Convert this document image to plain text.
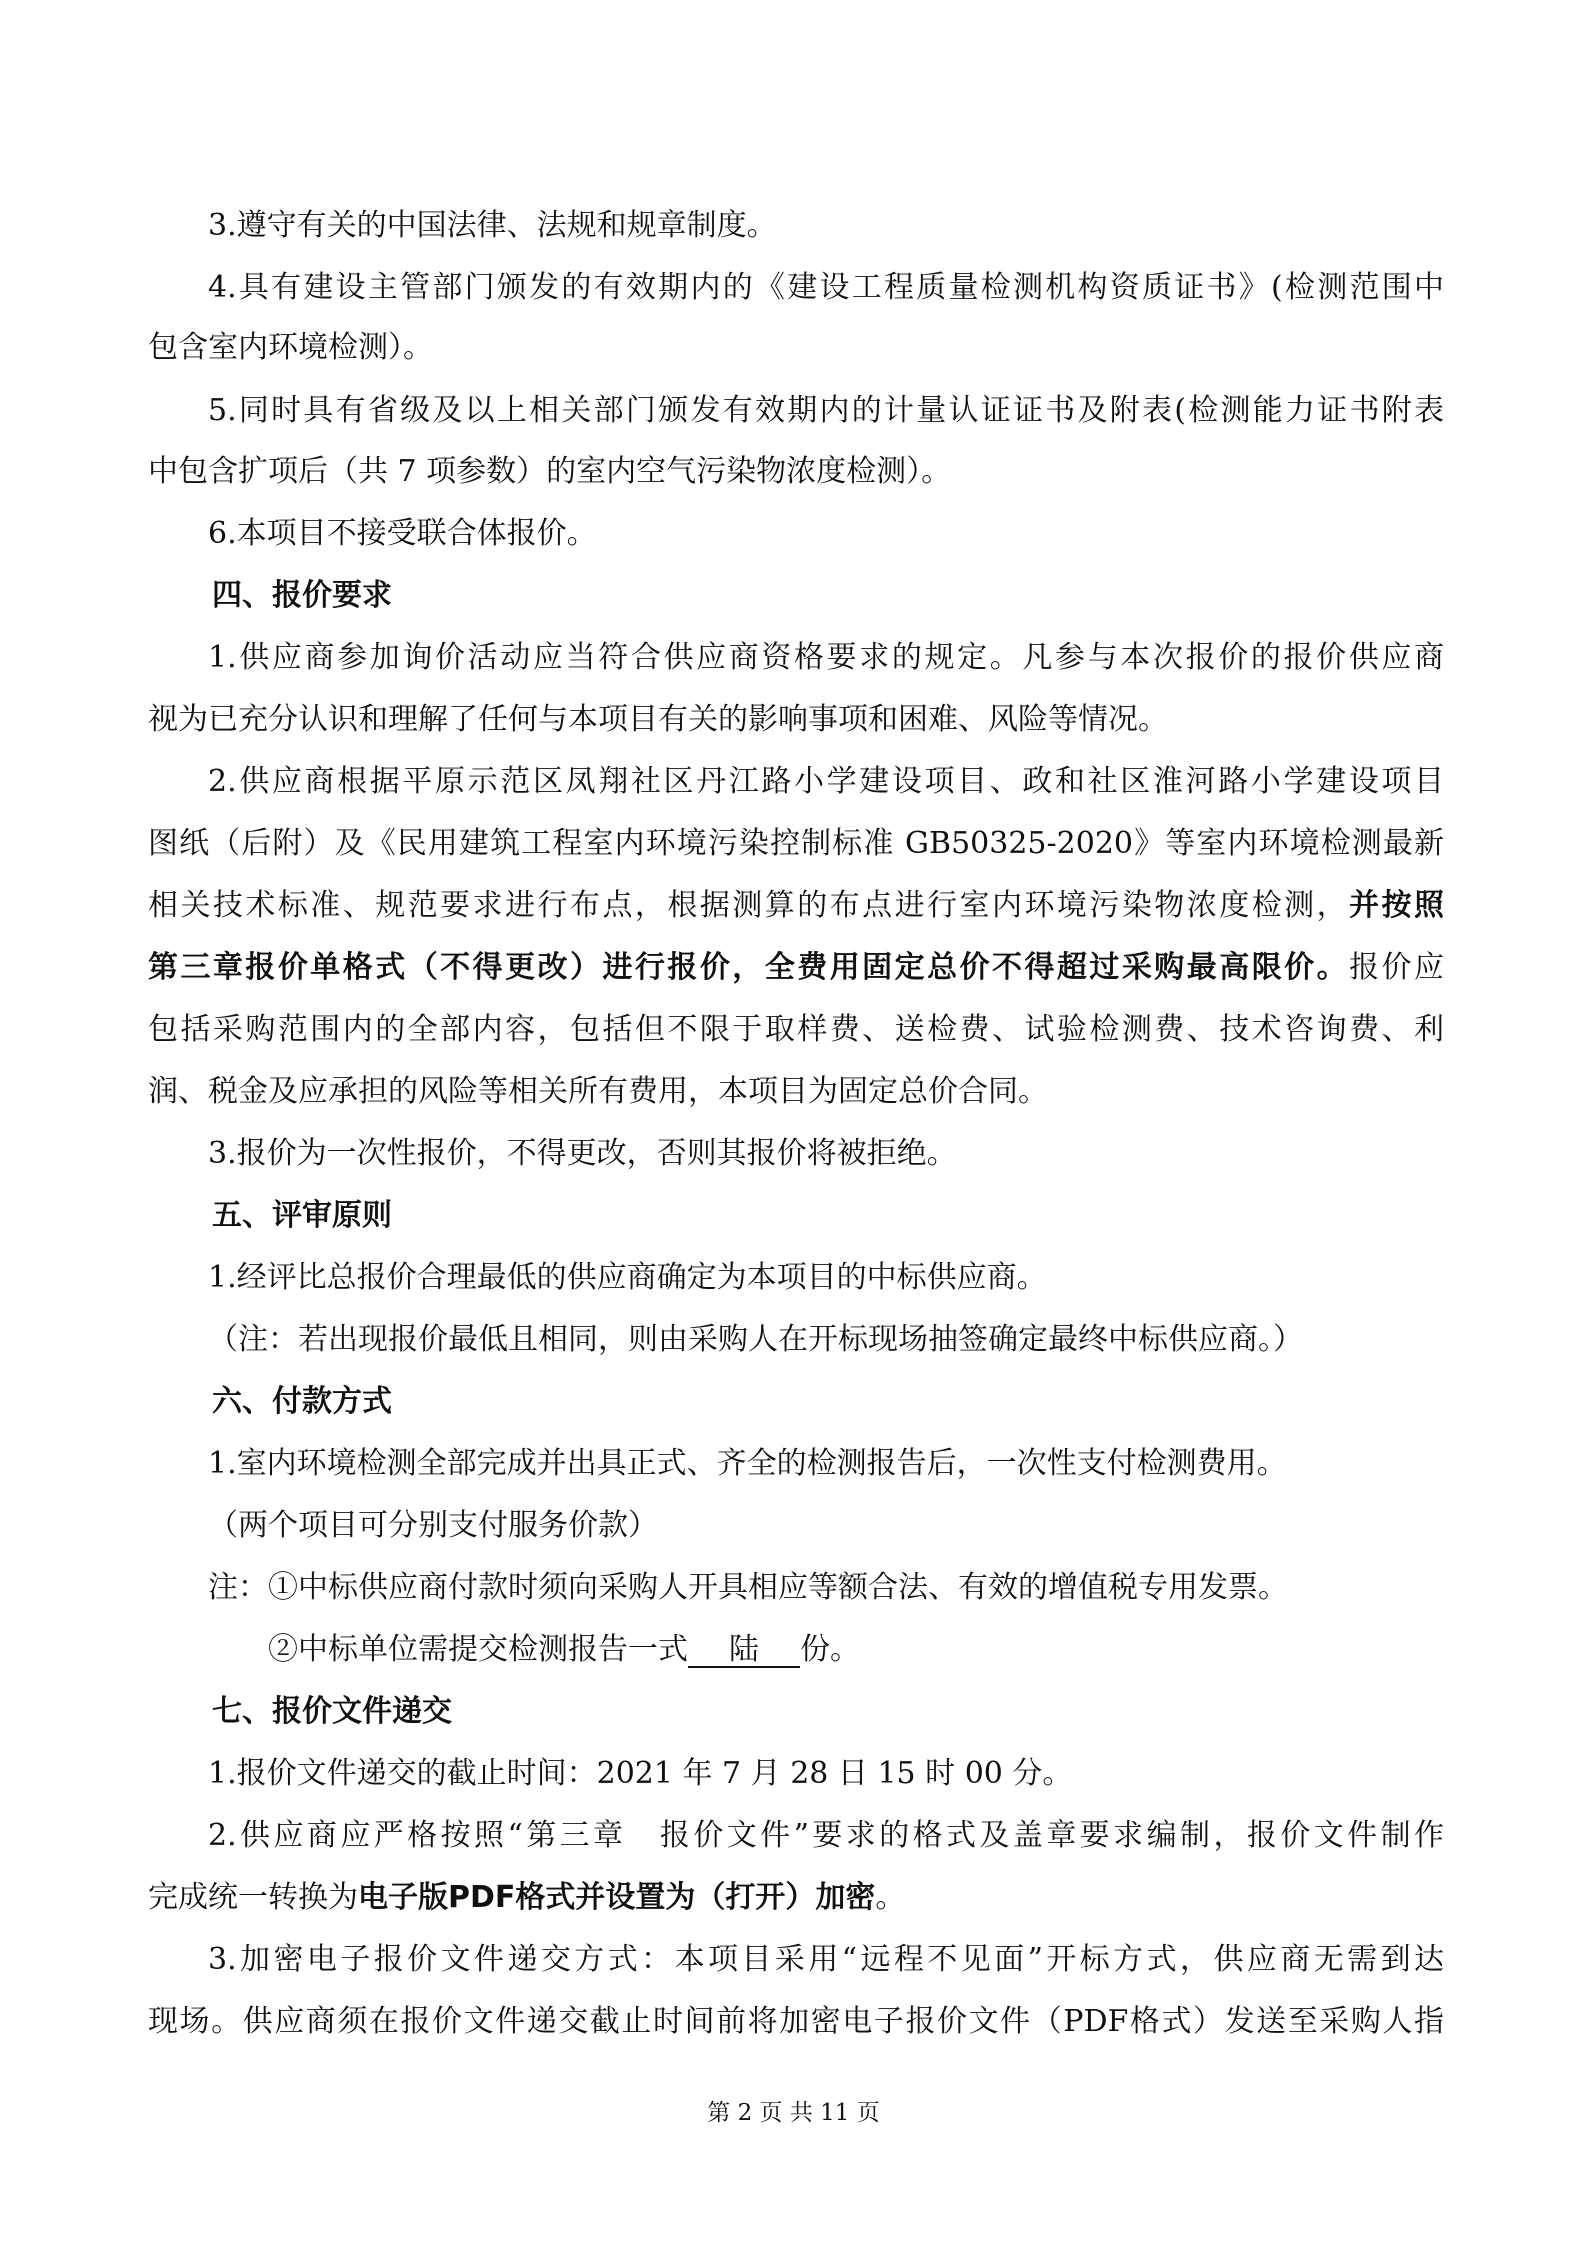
3.遵守有关的中国法律、法规和规章制度。
4.具有建设主管部门颁发的有效期内的《建设工程质量检测机构资质证书》(检测范围中
包含室内环境检测）。
5.同时具有省级及以上相关部门颁发有效期内的计量认证证书及附表(检测能力证书附表
中包含扩项后（共 7 项参数）的室内空气污染物浓度检测）。
6.本项目不接受联合体报价。
四、报价要求
1.供应商参加询价活动应当符合供应商资格要求的规定。凡参与本次报价的报价供应商
视为已充分认识和理解了任何与本项目有关的影响事项和困难、风险等情况。
2.供应商根据平原示范区凤翔社区丹江路小学建设项目、政和社区淮河路小学建设项目
图纸（后附）及《民用建筑工程室内环境污染控制标准 GB50325-2020》等室内环境检测最新
相关技术标准、规范要求进行布点，根据测算的布点进行室内环境污染物浓度检测，并按照
第三章报价单格式（不得更改）进行报价，全费用固定总价不得超过采购最高限价。报价应
包括采购范围内的全部内容，包括但不限于取样费、送检费、试验检测费、技术咨询费、利
润、税金及应承担的风险等相关所有费用，本项目为固定总价合同。
3.报价为一次性报价，不得更改，否则其报价将被拒绝。
五、评审原则
1.经评比总报价合理最低的供应商确定为本项目的中标供应商。
（注：若出现报价最低且相同，则由采购人在开标现场抽签确定最终中标供应商。）
六、付款方式
1.室内环境检测全部完成并出具正式、齐全的检测报告后，一次性支付检测费用。
（两个项目可分别支付服务价款）
注：①中标供应商付款时须向采购人开具相应等额合法、有效的增值税专用发票。
②中标单位需提交检测报告一式 陆 份。
七、报价文件递交
1.报价文件递交的截止时间：2021 年 7 月 28 日 15 时 00 分。
2.供应商应严格按照“第三章　报价文件”要求的格式及盖章要求编制，报价文件制作
完成统一转换为电子版PDF格式并设置为（打开）加密。
3.加密电子报价文件递交方式：本项目采用“远程不见面”开标方式，供应商无需到达
现场。供应商须在报价文件递交截止时间前将加密电子报价文件（PDF格式）发送至采购人指
第 2 页 共 11 页
